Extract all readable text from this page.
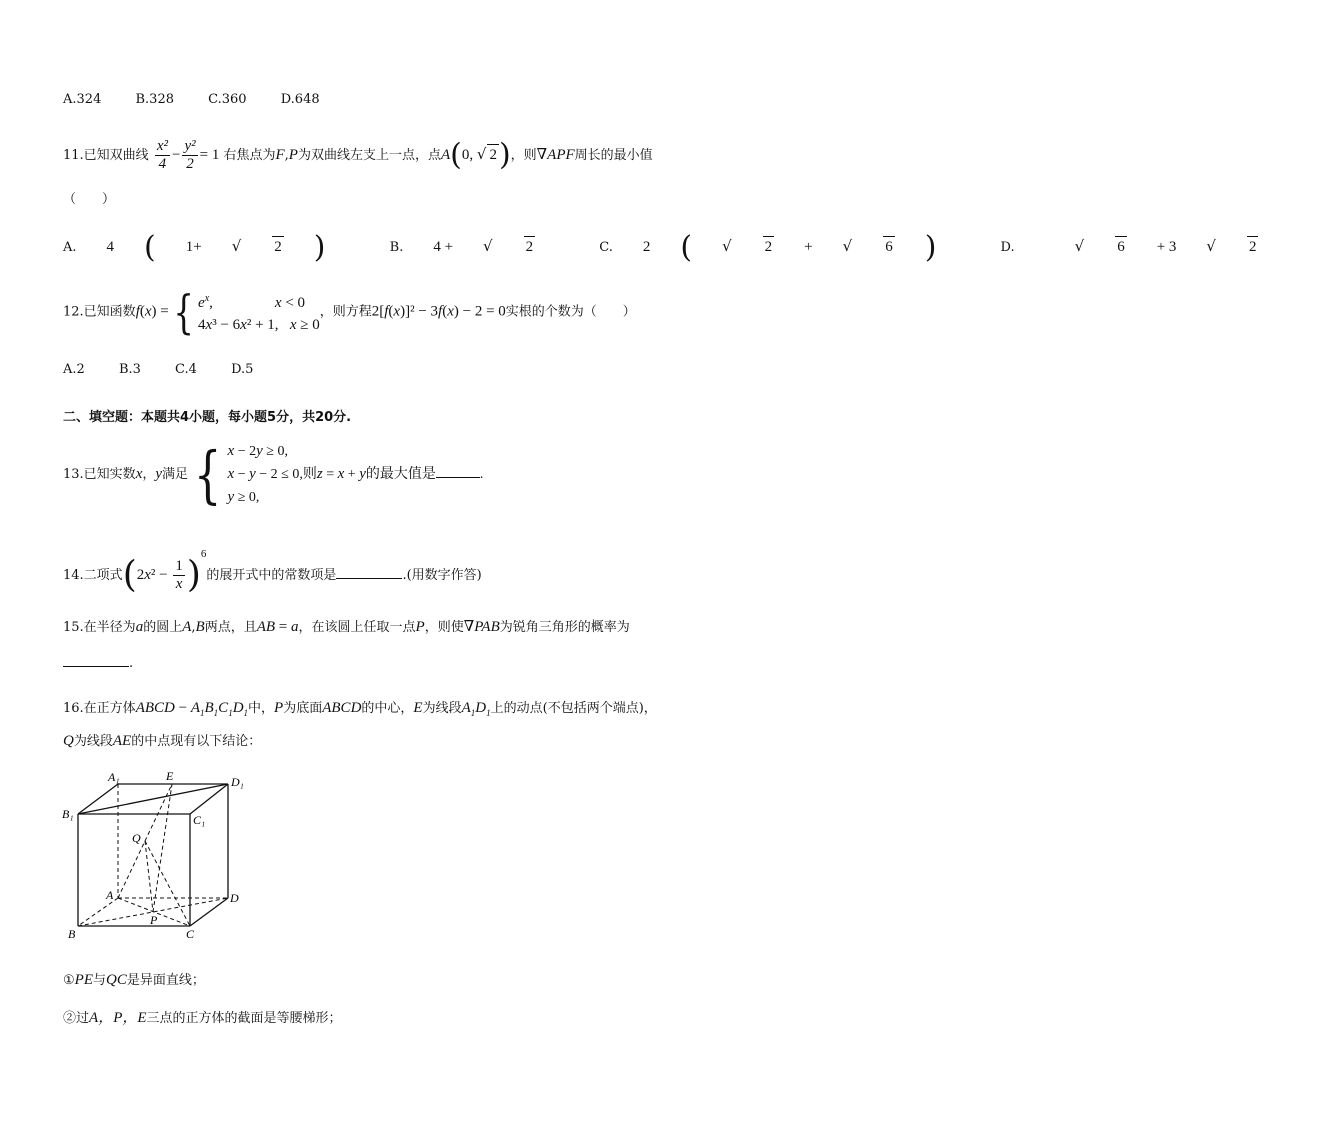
A.324	B.328	C.360	D.648
11.已知双曲线 $\frac{\text{x²}}{4} - \frac{\text{y²}}{2} = 1$ 右焦点为F,P为双曲线左支上一点，点A(0, √ 2)，则∇APF周长的最小值
（　　）
A. 4 ( 1+ √ 2 )	B.4 +√ 2	C.2 ( √ 2+√ 6 )	D.	√ 6+ 3 √ 2
12.已知函数f(x) ={ $e^x$,	x < 0
4x³ − 6x² + 1,   x ≥ 0
，则方程2[f(x)]² − 3f(x) − 2 = 0实根的个数为（　　）
A.2	B.3	C.4	D.5
二、填空题：本题共4小题，每小题5分，共20分.
13.已知实数x，y满足{ x − 2y ≥ 0,
x − y − 2 ≤ 0,则z = x + y的最大值是	.
y ≥ 0,
14.二项式$(2x^2 - \frac{1}{x} )^6$的展开式中的常数项是	.(用数字作答)
15.在半径为a的圆上A,B两点，且AB = a，在该圆上任取一点P，则使∇PAB为锐角三角形的概率为
.
16.在正方体ABCD − $A_1B_1C_1D_1$中，P为底面ABCD的中心，E为线段$A_1D_1$上的动点(不包括两个端点)，
Q为线段AE的中点现有以下结论：
A₁	E	D₁
B₁	C₁
Q
A	D
P
B	C
①PE与QC是异面直线；
②过A，P，E三点的正方体的截面是等腰梯形；
